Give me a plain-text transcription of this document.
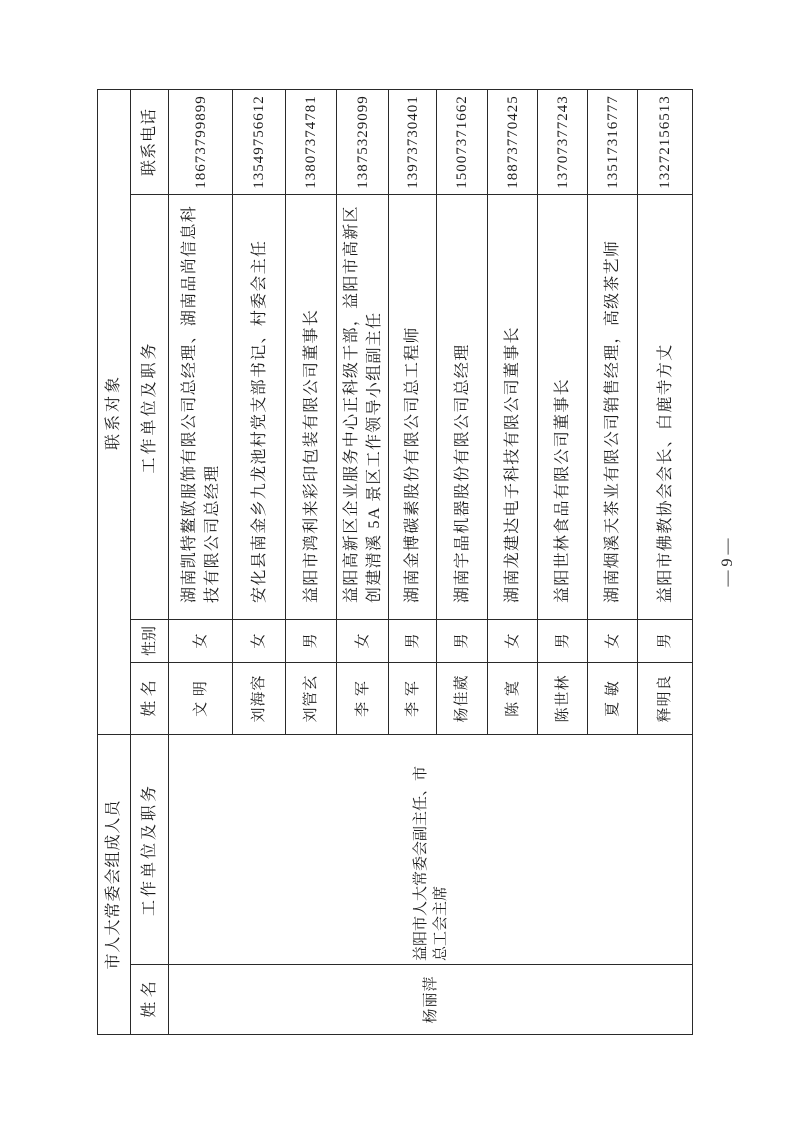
市人大常委会组成人员		联系对象			
姓 名	工作单位及职务	姓 名	性别	工作单位及职务	联系电话
杨丽萍	益阳市人大常委会副主任、市总工会主席	文 明	女	湖南凯特鳌欧服饰有限公司总经理、湖南品尚信息科技有限公司总经理	18673799899
		刘海容	女	安化县南金乡九龙池村党支部书记、村委会主任	13549756612
		刘管玄	男	益阳市鸿利来彩印包装有限公司董事长	13807374781
		李 军	女	益阳高新区企业服务中心正科级干部，益阳市高新区创建清溪 5A 景区工作领导小组副主任	13875329099
		李 军	男	湖南金博碳素股份有限公司总工程师	13973730401
		杨佳葳	男	湖南宇晶机器股份有限公司总经理	15007371662
		陈 寞	女	湖南龙建达电子科技有限公司董事长	18873770425
		陈世林	男	益阳世林食品有限公司董事长	13707377243
		夏 敏	女	湖南烟溪天茶业有限公司销售经理，高级茶艺师	13517316777
		释明良	男	益阳市佛教协会会长、白鹿寺方丈	13272156513
— 9 —
